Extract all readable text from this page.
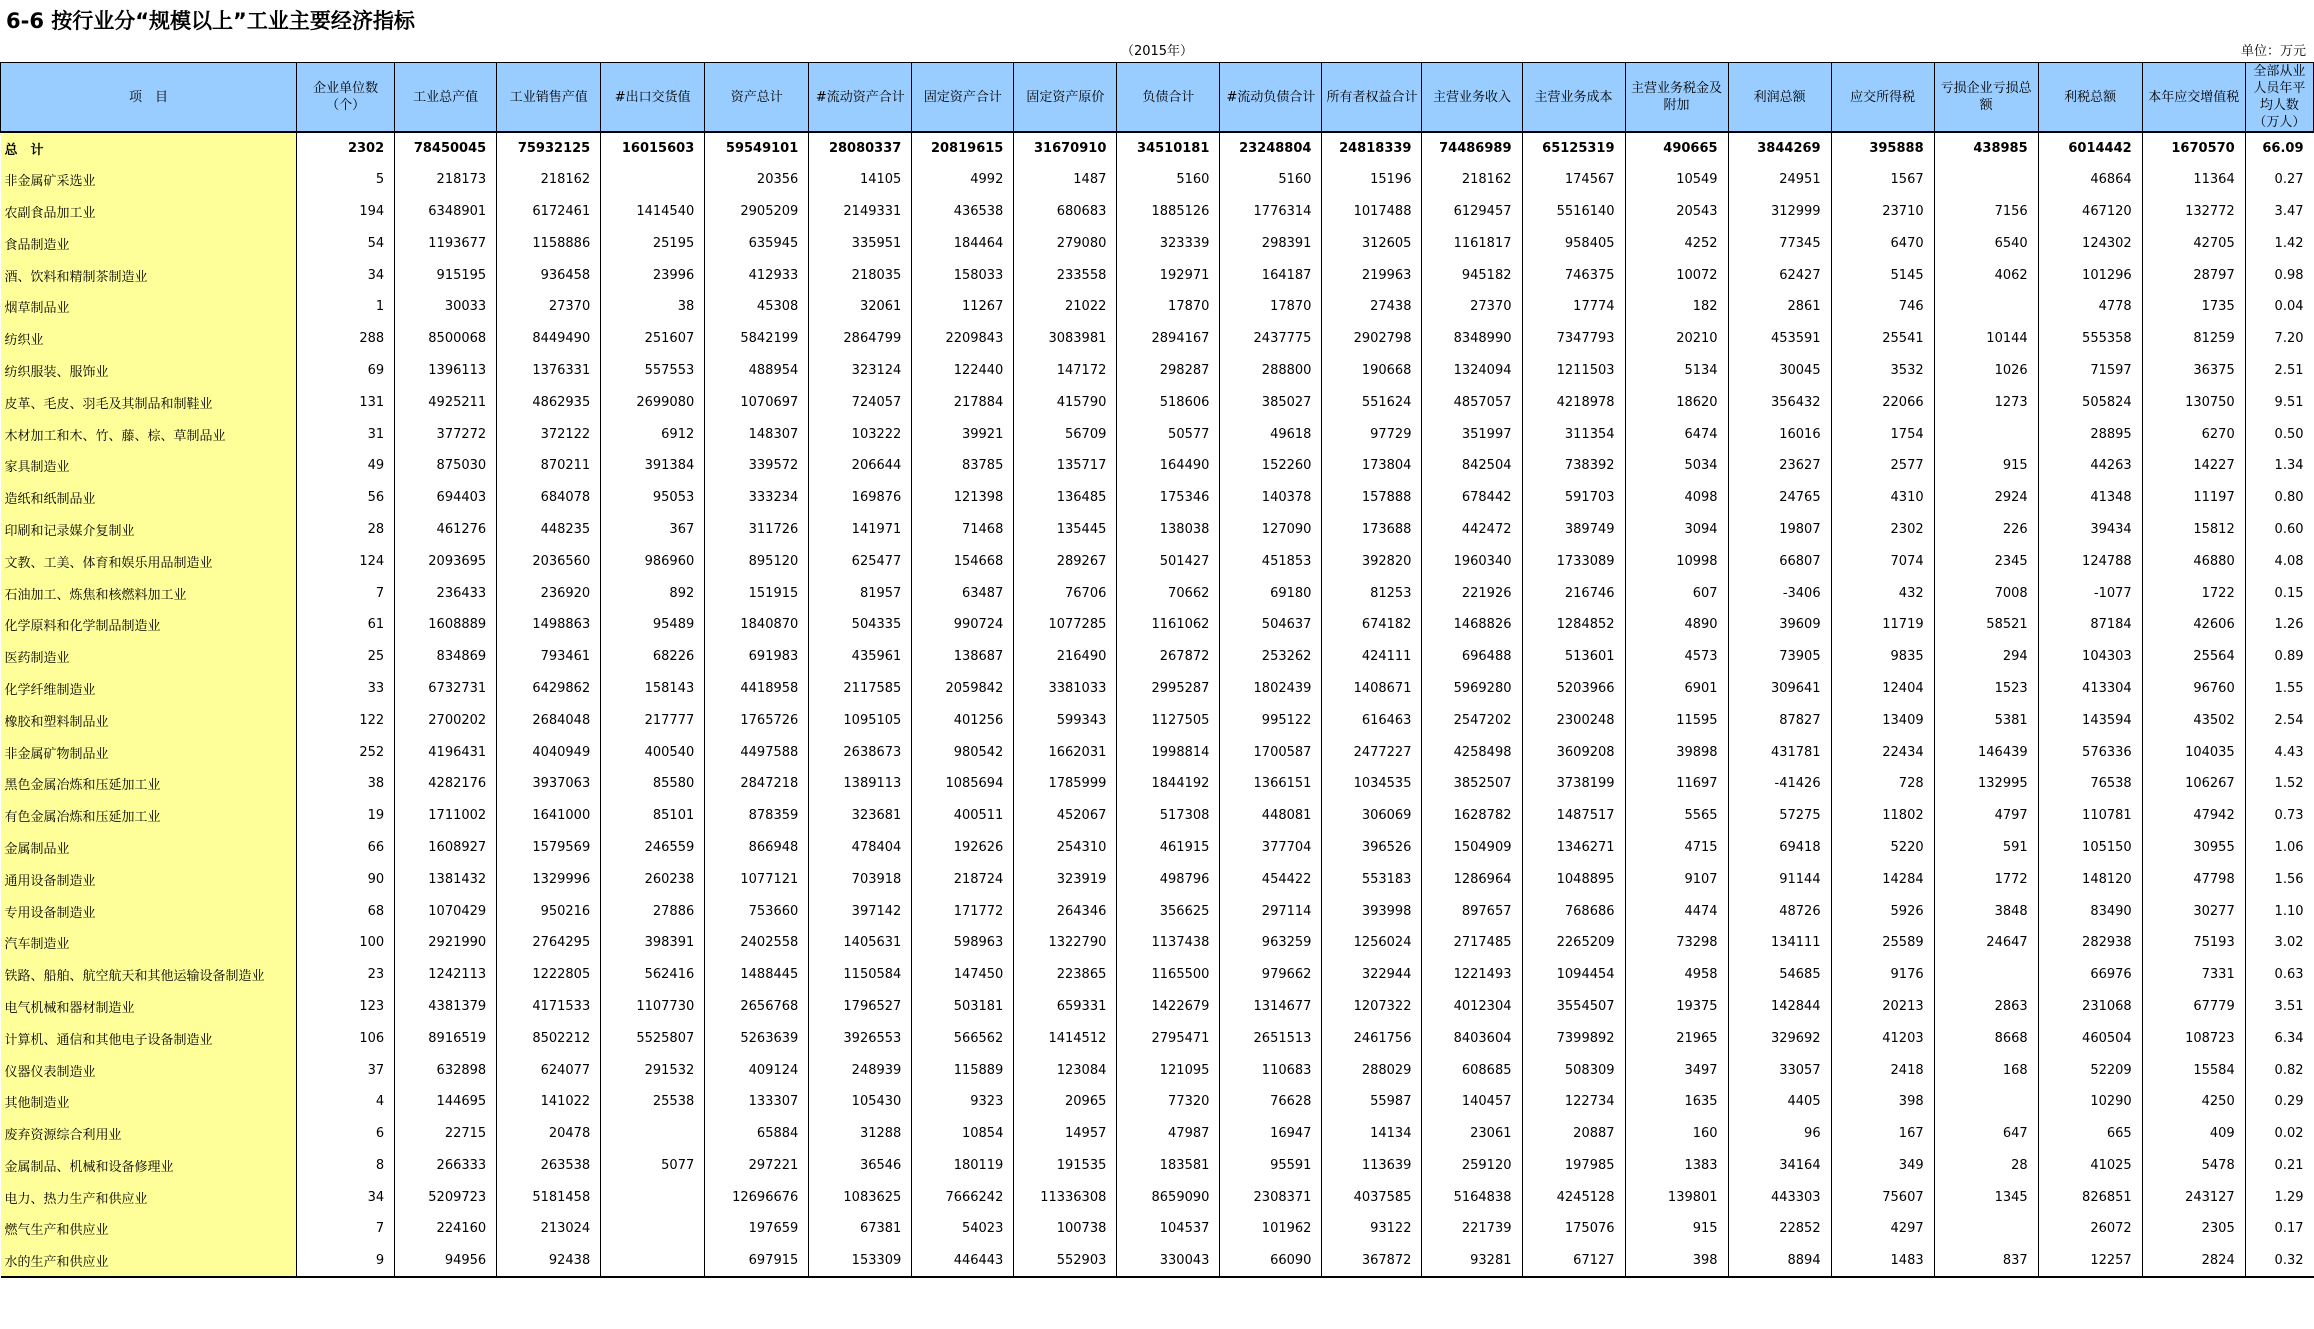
6-6 按行业分“规模以上”工业主要经济指标
（2015年）	单位：万元
项　目	企业单位数（个）	工业总产值	工业销售产值	#出口交货值	资产总计	#流动资产合计	固定资产合计	固定资产原价	负债合计	#流动负债合计	所有者权益合计	主营业务收入	主营业务成本	主营业务税金及附加	利润总额	应交所得税	亏损企业亏损总额	利税总额	本年应交增值税	全部从业人员年平均人数（万人）

总　计	2302	78450045	75932125	16015603	59549101	28080337	20819615	31670910	34510181	23248804	24818339	74486989	65125319	490665	3844269	395888	438985	6014442	1670570	66.09
非金属矿采选业	5	218173	218162		20356	14105	4992	1487	5160	5160	15196	218162	174567	10549	24951	1567		46864	11364	0.27
农副食品加工业	194	6348901	6172461	1414540	2905209	2149331	436538	680683	1885126	1776314	1017488	6129457	5516140	20543	312999	23710	7156	467120	132772	3.47
食品制造业	54	1193677	1158886	25195	635945	335951	184464	279080	323339	298391	312605	1161817	958405	4252	77345	6470	6540	124302	42705	1.42
酒、饮料和精制茶制造业	34	915195	936458	23996	412933	218035	158033	233558	192971	164187	219963	945182	746375	10072	62427	5145	4062	101296	28797	0.98
烟草制品业	1	30033	27370	38	45308	32061	11267	21022	17870	17870	27438	27370	17774	182	2861	746		4778	1735	0.04
纺织业	288	8500068	8449490	251607	5842199	2864799	2209843	3083981	2894167	2437775	2902798	8348990	7347793	20210	453591	25541	10144	555358	81259	7.20
纺织服装、服饰业	69	1396113	1376331	557553	488954	323124	122440	147172	298287	288800	190668	1324094	1211503	5134	30045	3532	1026	71597	36375	2.51
皮革、毛皮、羽毛及其制品和制鞋业	131	4925211	4862935	2699080	1070697	724057	217884	415790	518606	385027	551624	4857057	4218978	18620	356432	22066	1273	505824	130750	9.51
木材加工和木、竹、藤、棕、草制品业	31	377272	372122	6912	148307	103222	39921	56709	50577	49618	97729	351997	311354	6474	16016	1754		28895	6270	0.50
家具制造业	49	875030	870211	391384	339572	206644	83785	135717	164490	152260	173804	842504	738392	5034	23627	2577	915	44263	14227	1.34
造纸和纸制品业	56	694403	684078	95053	333234	169876	121398	136485	175346	140378	157888	678442	591703	4098	24765	4310	2924	41348	11197	0.80
印刷和记录媒介复制业	28	461276	448235	367	311726	141971	71468	135445	138038	127090	173688	442472	389749	3094	19807	2302	226	39434	15812	0.60
文教、工美、体育和娱乐用品制造业	124	2093695	2036560	986960	895120	625477	154668	289267	501427	451853	392820	1960340	1733089	10998	66807	7074	2345	124788	46880	4.08
石油加工、炼焦和核燃料加工业	7	236433	236920	892	151915	81957	63487	76706	70662	69180	81253	221926	216746	607	-3406	432	7008	-1077	1722	0.15
化学原料和化学制品制造业	61	1608889	1498863	95489	1840870	504335	990724	1077285	1161062	504637	674182	1468826	1284852	4890	39609	11719	58521	87184	42606	1.26
医药制造业	25	834869	793461	68226	691983	435961	138687	216490	267872	253262	424111	696488	513601	4573	73905	9835	294	104303	25564	0.89
化学纤维制造业	33	6732731	6429862	158143	4418958	2117585	2059842	3381033	2995287	1802439	1408671	5969280	5203966	6901	309641	12404	1523	413304	96760	1.55
橡胶和塑料制品业	122	2700202	2684048	217777	1765726	1095105	401256	599343	1127505	995122	616463	2547202	2300248	11595	87827	13409	5381	143594	43502	2.54
非金属矿物制品业	252	4196431	4040949	400540	4497588	2638673	980542	1662031	1998814	1700587	2477227	4258498	3609208	39898	431781	22434	146439	576336	104035	4.43
黑色金属冶炼和压延加工业	38	4282176	3937063	85580	2847218	1389113	1085694	1785999	1844192	1366151	1034535	3852507	3738199	11697	-41426	728	132995	76538	106267	1.52
有色金属冶炼和压延加工业	19	1711002	1641000	85101	878359	323681	400511	452067	517308	448081	306069	1628782	1487517	5565	57275	11802	4797	110781	47942	0.73
金属制品业	66	1608927	1579569	246559	866948	478404	192626	254310	461915	377704	396526	1504909	1346271	4715	69418	5220	591	105150	30955	1.06
通用设备制造业	90	1381432	1329996	260238	1077121	703918	218724	323919	498796	454422	553183	1286964	1048895	9107	91144	14284	1772	148120	47798	1.56
专用设备制造业	68	1070429	950216	27886	753660	397142	171772	264346	356625	297114	393998	897657	768686	4474	48726	5926	3848	83490	30277	1.10
汽车制造业	100	2921990	2764295	398391	2402558	1405631	598963	1322790	1137438	963259	1256024	2717485	2265209	73298	134111	25589	24647	282938	75193	3.02
铁路、船舶、航空航天和其他运输设备制造业	23	1242113	1222805	562416	1488445	1150584	147450	223865	1165500	979662	322944	1221493	1094454	4958	54685	9176		66976	7331	0.63
电气机械和器材制造业	123	4381379	4171533	1107730	2656768	1796527	503181	659331	1422679	1314677	1207322	4012304	3554507	19375	142844	20213	2863	231068	67779	3.51
计算机、通信和其他电子设备制造业	106	8916519	8502212	5525807	5263639	3926553	566562	1414512	2795471	2651513	2461756	8403604	7399892	21965	329692	41203	8668	460504	108723	6.34
仪器仪表制造业	37	632898	624077	291532	409124	248939	115889	123084	121095	110683	288029	608685	508309	3497	33057	2418	168	52209	15584	0.82
其他制造业	4	144695	141022	25538	133307	105430	9323	20965	77320	76628	55987	140457	122734	1635	4405	398		10290	4250	0.29
废弃资源综合利用业	6	22715	20478		65884	31288	10854	14957	47987	16947	14134	23061	20887	160	96	167	647	665	409	0.02
金属制品、机械和设备修理业	8	266333	263538	5077	297221	36546	180119	191535	183581	95591	113639	259120	197985	1383	34164	349	28	41025	5478	0.21
电力、热力生产和供应业	34	5209723	5181458		12696676	1083625	7666242	11336308	8659090	2308371	4037585	5164838	4245128	139801	443303	75607	1345	826851	243127	1.29
燃气生产和供应业	7	224160	213024		197659	67381	54023	100738	104537	101962	93122	221739	175076	915	22852	4297		26072	2305	0.17
水的生产和供应业	9	94956	92438		697915	153309	446443	552903	330043	66090	367872	93281	67127	398	8894	1483	837	12257	2824	0.32
